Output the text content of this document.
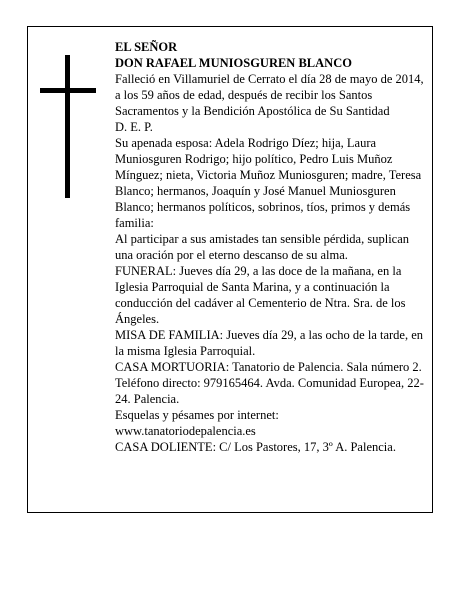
EL SEÑOR

DON RAFAEL MUNIOSGUREN BLANCO

Falleció en Villamuriel de Cerrato el día 28 de mayo de 2014, a los 59 años de edad, después de recibir los Santos Sacramentos y la Bendición Apostólica de Su Santidad

D. E. P.

Su apenada esposa: Adela Rodrigo Díez; hija, Laura Muniosguren Rodrigo; hijo político, Pedro Luis Muñoz Mínguez; nieta, Victoria Muñoz Muniosguren; madre, Teresa Blanco; hermanos, Joaquín y José Manuel Muniosguren Blanco; hermanos políticos, sobrinos, tíos, primos y demás familia:

Al participar a sus amistades tan sensible pérdida, suplican una oración por el eterno descanso de su alma.

FUNERAL: Jueves día 29, a las doce de la mañana, en la Iglesia Parroquial de Santa Marina, y a continuación la conducción del cadáver al Cementerio de Ntra. Sra. de los Ángeles.

MISA DE FAMILIA: Jueves día 29, a las ocho de la tarde, en la misma Iglesia Parroquial.

CASA MORTUORIA: Tanatorio de Palencia. Sala número 2. Teléfono directo: 979165464. Avda. Comunidad Europea, 22-24. Palencia.

Esquelas y pésames por internet:

www.tanatoriodepalencia.es

CASA DOLIENTE: C/ Los Pastores, 17, 3º A. Palencia.
